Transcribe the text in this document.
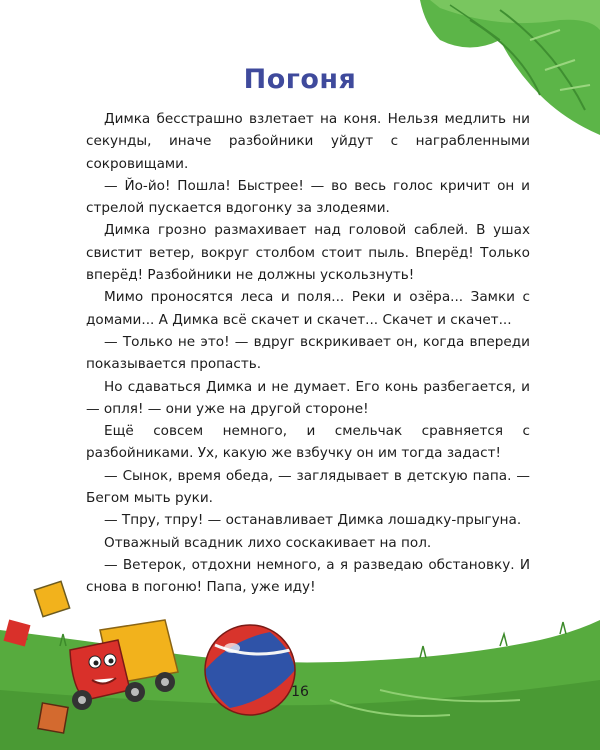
Погоня

Димка бесстрашно взлетает на коня. Нельзя медлить ни секунды, иначе разбойники уйдут с награбленными сокровищами.

— Йо-йо! Пошла! Быстрее! — во весь голос кричит он и стрелой пускается вдогонку за злодеями.

Димка грозно размахивает над головой саблей. В ушах свистит ветер, вокруг столбом стоит пыль. Вперёд! Только вперёд! Разбойники не должны ускользнуть!

Мимо проносятся леса и поля... Реки и озёра... Замки с домами... А Димка всё скачет и скачет... Скачет и скачет...

— Только не это! — вдруг вскрикивает он, когда впереди показывается пропасть.

Но сдаваться Димка и не думает. Его конь разбегается, и — опля! — они уже на другой стороне!

Ещё совсем немного, и смельчак сравняется с разбойниками. Ух, какую же взбучку он им тогда задаст!

— Сынок, время обеда, — заглядывает в детскую папа. — Бегом мыть руки.

— Тпру, тпру! — останавливает Димка лошадку-прыгуна.

Отважный всадник лихо соскакивает на пол.

— Ветерок, отдохни немного, а я разведаю обстановку. И снова в погоню! Папа, уже иду!

16
